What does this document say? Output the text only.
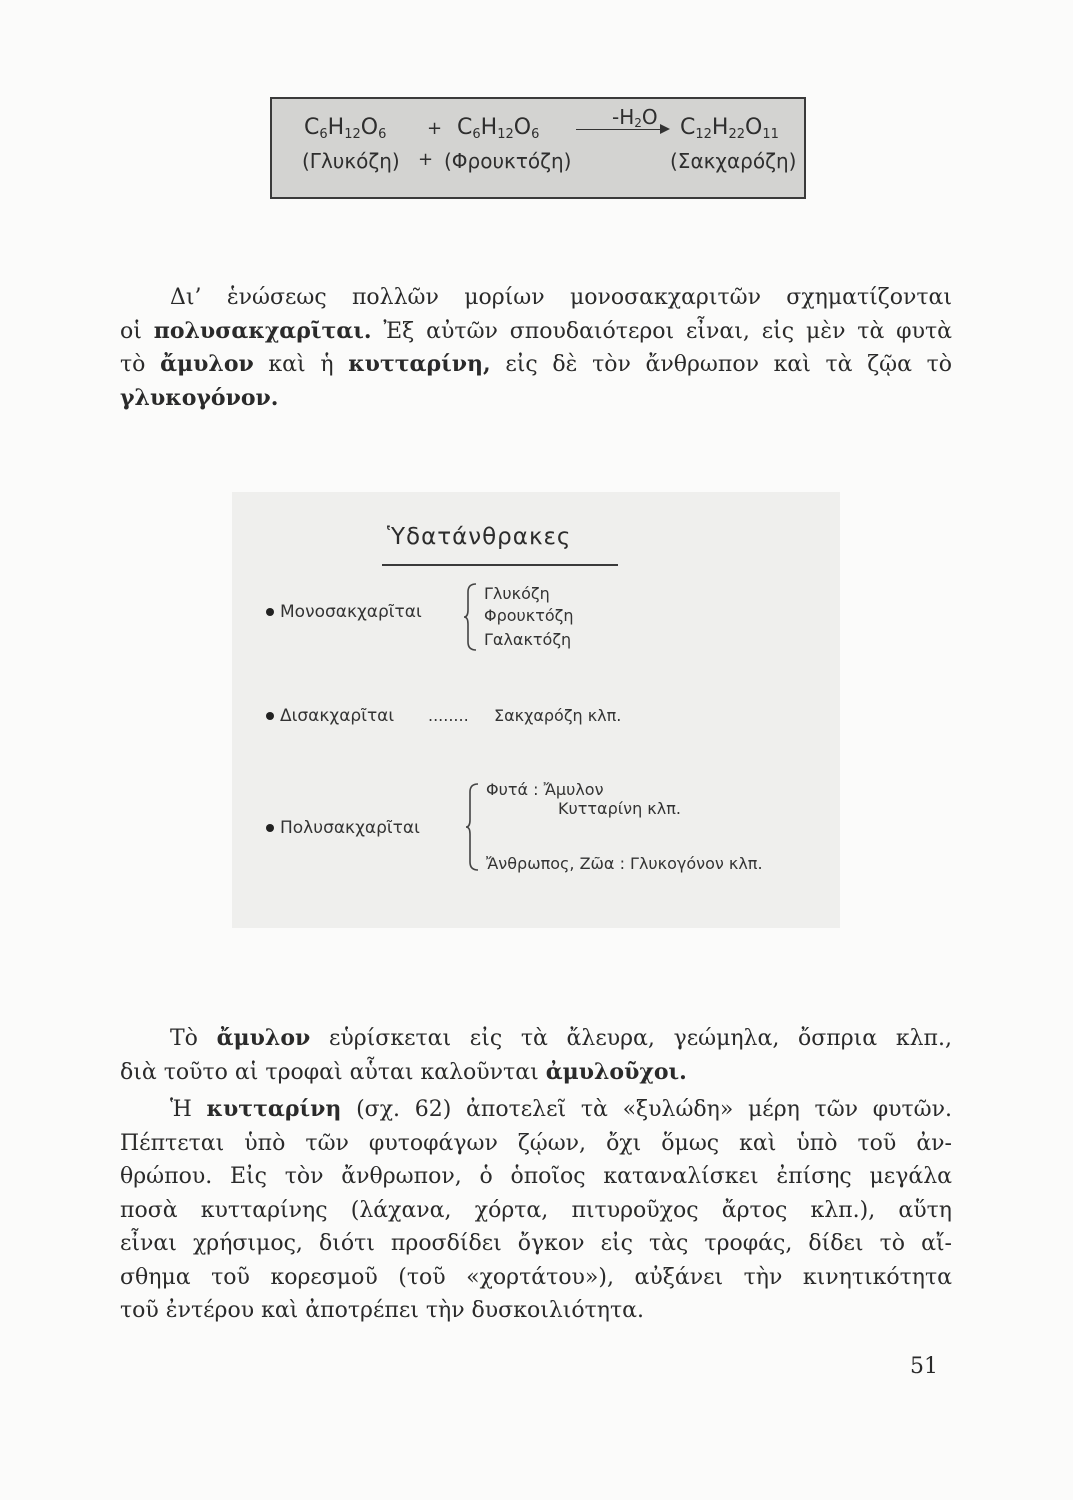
$C_6H_{12}O_6 + C_6H_{12}O_6$
$-H_2O$ $C_{12}H_{22}O_{11}$
(Γλυκόζη) + (Φρουκτόζη)	(Σακχαρόζη)
Δι’ ἑνώσεως πολλῶν μορίων μονοσακχαριτῶν σχηματίζονται
οἱ πολυσακχαρῖται. Ἐξ αὐτῶν σπουδαιότεροι εἶναι, εἰς μὲν τὰ φυτὰ
τὸ ἄμυλον καὶ ἡ κυτταρίνη, εἰς δὲ τὸν ἄνθρωπον καὶ τὰ ζῷα τὸ
γλυκογόνον.
Ὑδατάνθρακες
Μονοσακχαρῖται
Γλυκόζη
Φρουκτόζη
Γαλακτόζη
Δισακχαρῖται ........ Σακχαρόζη κλπ.
Πολυσακχαρῖται
Φυτά : Ἄμυλον
Κυτταρίνη κλπ.
Ἄνθρωπος, Ζῶα : Γλυκογόνον κλπ.
Τὸ ἄμυλον εὑρίσκεται εἰς τὰ ἄλευρα, γεώμηλα, ὄσπρια κλπ.,
διὰ τοῦτο αἱ τροφαὶ αὗται καλοῦνται ἀμυλοῦχοι.
Ἡ κυτταρίνη (σχ. 62) ἀποτελεῖ τὰ «ξυλώδη» μέρη τῶν φυτῶν.
Πέπτεται ὑπὸ τῶν φυτοφάγων ζῴων, ὄχι ὅμως καὶ ὑπὸ τοῦ ἀν-
θρώπου. Εἰς τὸν ἄνθρωπον, ὁ ὁποῖος καταναλίσκει ἐπίσης μεγάλα
ποσὰ κυτταρίνης (λάχανα, χόρτα, πιτυροῦχος ἄρτος κλπ.), αὕτη
εἶναι χρήσιμος, διότι προσδίδει ὄγκον εἰς τὰς τροφάς, δίδει τὸ αἴ-
σθημα τοῦ κορεσμοῦ (τοῦ «χορτάτου»), αὐξάνει τὴν κινητικότητα
τοῦ ἐντέρου καὶ ἀποτρέπει τὴν δυσκοιλιότητα.
51
